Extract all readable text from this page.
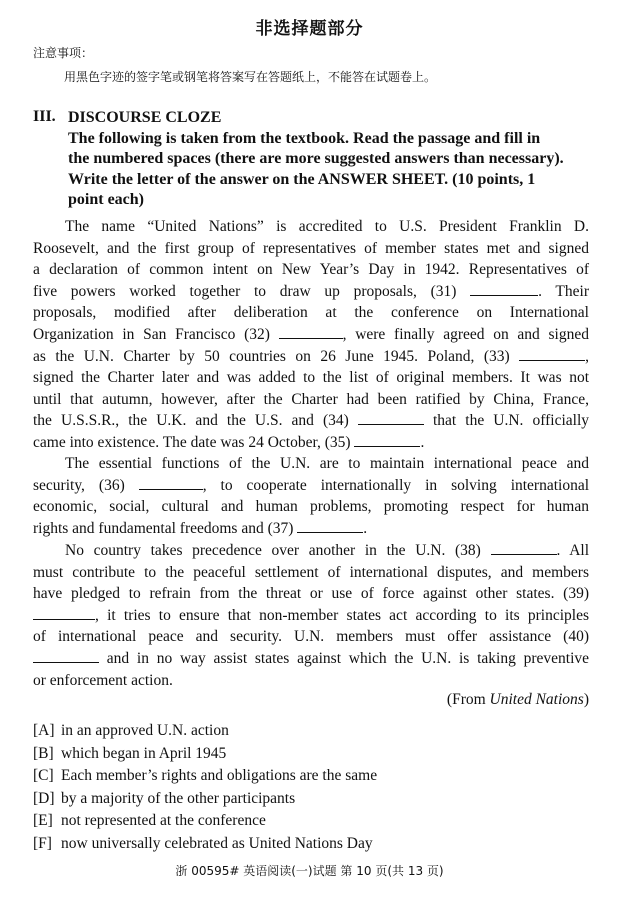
非选择题部分
注意事项：
用黑色字迹的签字笔或钢笔将答案写在答题纸上，不能答在试题卷上。
III. DISCOURSE CLOZE
The following is taken from the textbook. Read the passage and fill in
the numbered spaces (there are more suggested answers than necessary).
Write the letter of the answer on the ANSWER SHEET. (10 points, 1
point each)
The name “United Nations” is accredited to U.S. President Franklin D.
Roosevelt, and the first group of representatives of member states met and signed
a declaration of common intent on New Year’s Day in 1942. Representatives of
five powers worked together to draw up proposals, (31)	. Their
proposals, modified after deliberation at the conference on International
Organization in San Francisco (32)	, were finally agreed on and signed
as the U.N. Charter by 50 countries on 26 June 1945. Poland, (33)	,
signed the Charter later and was added to the list of original members. It was not
until that autumn, however, after the Charter had been ratified by China, France,
the U.S.S.R., the U.K. and the U.S. and (34)	that the U.N. officially
came into existence. The date was 24 October, (35)	.
The essential functions of the U.N. are to maintain international peace and
security, (36)	, to cooperate internationally in solving international
economic, social, cultural and human problems, promoting respect for human
rights and fundamental freedoms and (37)	.
No country takes precedence over another in the U.N. (38)	. All
must contribute to the peaceful settlement of international disputes, and members
have pledged to refrain from the threat or use of force against other states. (39)
, it tries to ensure that non-member states act according to its principles
of international peace and security. U.N. members must offer assistance (40)
and in no way assist states against which the U.N. is taking preventive
or enforcement action.
(From United Nations)
[A] in an approved U.N. action
[B] which began in April 1945
[C] Each member’s rights and obligations are the same
[D] by a majority of the other participants
[E] not represented at the conference
[F] now universally celebrated as United Nations Day
浙 00595# 英语阅读(一)试题 第 10 页(共 13 页)
